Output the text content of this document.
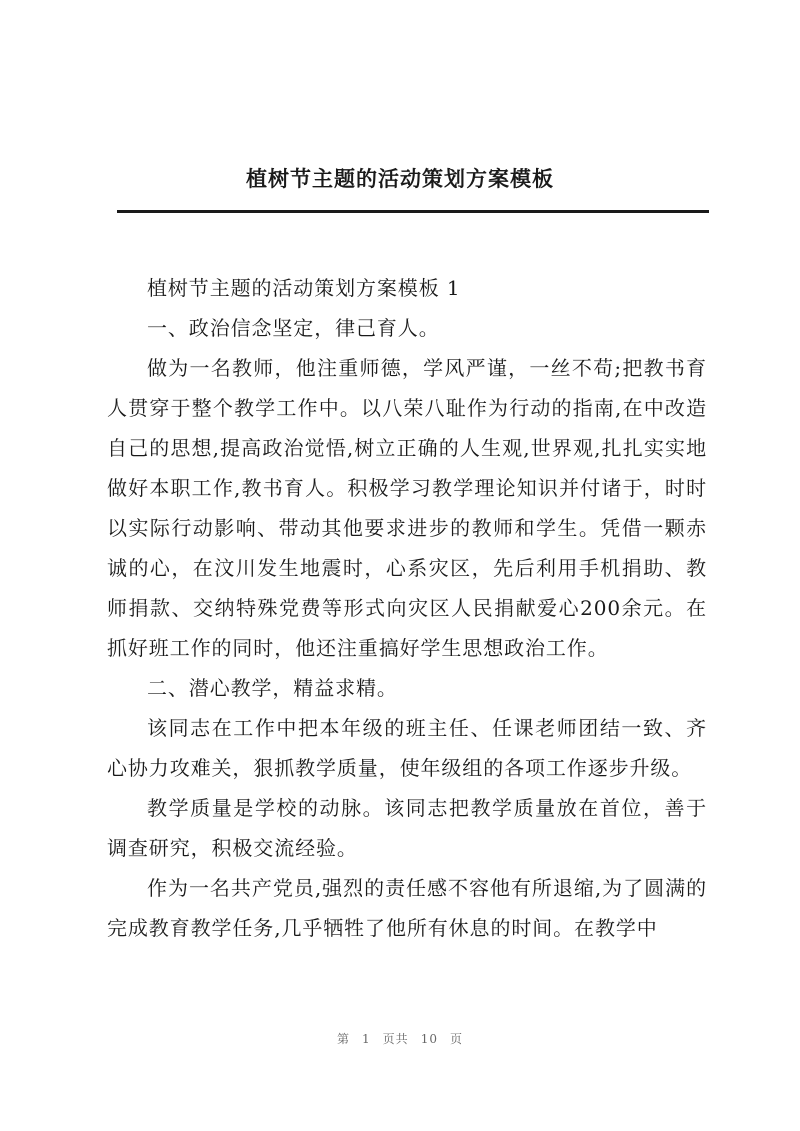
植树节主题的活动策划方案模板

植树节主题的活动策划方案模板 1

一、政治信念坚定，律己育人。

做为一名教师，他注重师德，学风严谨，一丝不苟;把教书育人贯穿于整个教学工作中。以八荣八耻作为行动的指南,在中改造自己的思想,提高政治觉悟,树立正确的人生观,世界观,扎扎实实地做好本职工作,教书育人。积极学习教学理论知识并付诸于，时时以实际行动影响、带动其他要求进步的教师和学生。凭借一颗赤诚的心，在汶川发生地震时，心系灾区，先后利用手机捐助、教师捐款、交纳特殊党费等形式向灾区人民捐献爱心200余元。在抓好班工作的同时，他还注重搞好学生思想政治工作。

二、潜心教学，精益求精。

该同志在工作中把本年级的班主任、任课老师团结一致、齐心协力攻难关，狠抓教学质量，使年级组的各项工作逐步升级。

教学质量是学校的动脉。该同志把教学质量放在首位，善于调查研究，积极交流经验。

作为一名共产党员,强烈的责任感不容他有所退缩,为了圆满的完成教育教学任务,几乎牺牲了他所有休息的时间。在教学中

第 1 页共 10 页
